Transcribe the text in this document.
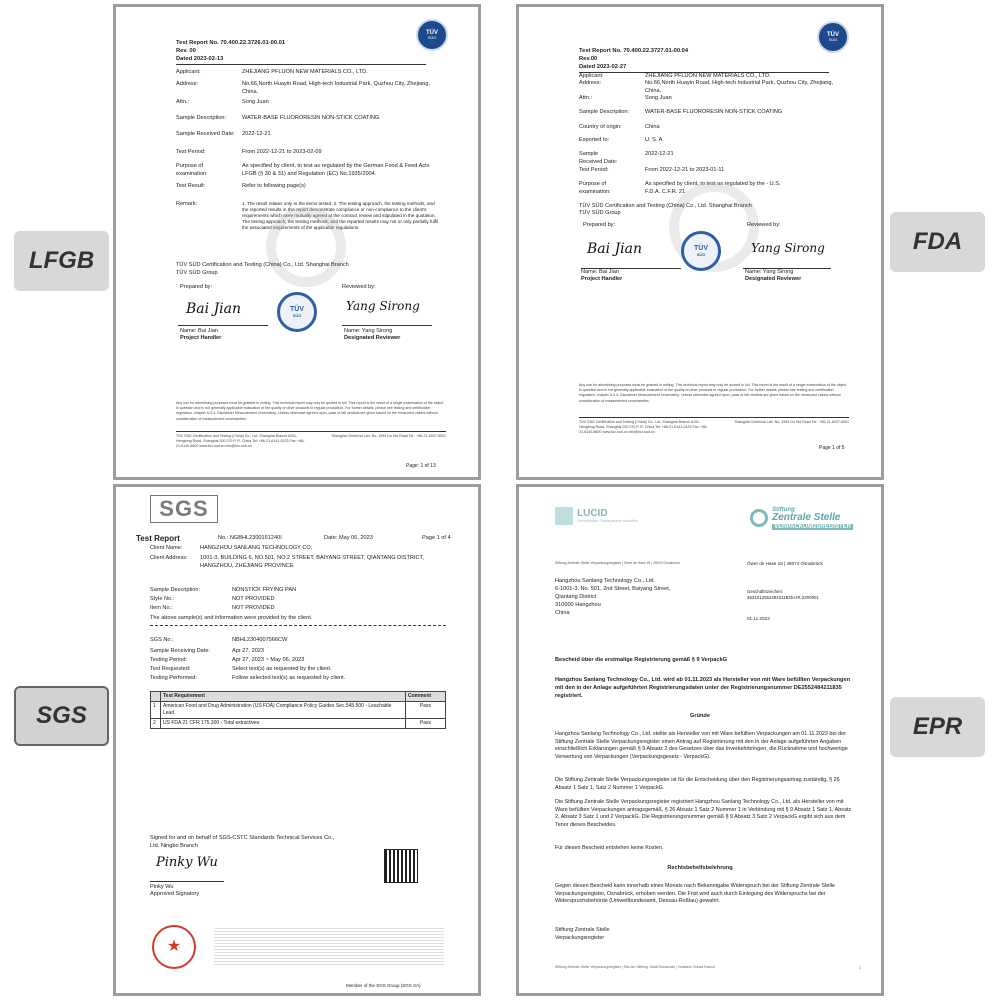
LFGB
FDA
SGS	EPR
TÜV
SÜD
Test Report No. 70.400.22.3726.01-00.01
Rev. 00
Dated 2023-02-13
Applicant:	ZHEJIANG PFLUON NEW MATERIALS CO., LTD.
Address:	No.66,North Huayin Road, High-tech Industrial Park, Quzhou City, Zhejiang, China.
Attn.:	Song Juan
Sample Description:	WATER-BASE FLUORORESIN NON-STICK COATING
Sample Received Date: 2022-12-21
Test Period:	From 2022-12-21 to 2023-02-09
Purpose of examination:
As specified by client, to test as regulated by the German Food & Feed Acts LFGB (§ 30 & 31) and Regulation (EC) No.1935/2004.
Test Result:	Refer to following page(s)
Remark:	1. The result relates only to the items tested. 2. The testing approach, the testing methods, and the reported results in this report demonstrate compliance or non-compliance to the client's requirements which were mutually agreed at the contract review and stipulated in the quotation. The testing approach, the testing methods, and the reported results may not or only partially fulfil the associated requirements of the applicable regulations.
TÜV SÜD Certification and Testing (China) Co., Ltd. Shanghai Branch
TÜV SÜD Group
Prepared by:	Reviewed by:
Bai Jian	TÜV
SÜD
Yang Sirong
Name: Bai Jian
Project Handler
Name: Yang Sirong
Designated Reviewer
Any use for advertising purposes must be granted in writing. This technical report may only be quoted in full. This report is the result of a single examination of the object in question and is not generally applicable evaluation of the quality of other products in regular production. For further details, please see testing and certification regulation, chapter A-3.4. Disclaimer Measurement Uncertainty: Unless otherwise agreed upon, pass or fail verdicts are given based on the measured values without consideration of measurement uncertainties.
TÜV SÜD Certification and Testing (China) Co., Ltd. Shanghai Branch #151, Hengtong Road, Shanghai 200 070 P. R. China Tel: +86-21-6141-0123 Fax: +86-21-6140-8600 www.tuv-sud.cn info@tuv-sud.cn
Shanghai Chemical Lab. No. 1999 Du Hui Road Tel.: +86-21-6037-6501
Page: 1 of 13
TÜV
SÜD
Test Report No. 70.400.22.3727.01-00.04
Rev.00
Dated 2023-02-27
Applicant:	ZHEJIANG PFLUON NEW MATERIALS CO., LTD.
Address:	No.66,North Huayin Road, High-tech Industrial Park, Quzhou City, Zhejiang, China.
Attn.:	Song Juan
Sample Description:	WATER-BASE FLUORORESIN NON-STICK COATING
Country of origin:	China
Exported to:	U. S. A
Sample Received Date:
2022-12-21
Test Period:	From 2022-12-21 to 2023-01-11
Purpose of examination:
As specified by client, to test as regulated by the - U.S. F.D.A. C.F.R. 21
TÜV SÜD Certification and Testing (China) Co., Ltd. Shanghai Branch
TÜV SÜD Group
Prepared by:	Reviewed by:
Bai Jian	TÜV
SÜD	Yang Sirong
Name: Bai Jian
Project Handler
Name: Yang Sirong
Designated Reviewer
Any use for advertising purposes must be granted in writing. This technical report may only be quoted in full. This report is the result of a single examination of the object in question and is not generally applicable evaluation of the quality of other products in regular production. For further details, please see testing and certification regulation, chapter A-3.4. Disclaimer Measurement Uncertainty: Unless otherwise agreed upon, pass or fail verdicts are given based on the measured values without consideration of measurement uncertainties.
TÜV SÜD Certification and Testing (China) Co., Ltd. Shanghai Branch #151, Hengtong Road, Shanghai 200 070 P. R. China Tel: +86-21-6141-0123 Fax: +86-21-6140-8600 www.tuv-sud.cn info@tuv-sud.cn
Shanghai Chemical Lab. No. 1999 Du Hui Road Tel.: +86-21-6037-6501
Page 1 of 5
SGS
Test Report	No.: NGBHL2300161240I	Date: May 06, 2023	Page 1 of 4
Client Name:	HANGZHOU SANLANG TECHNOLOGY CO.
Client Address: 1001-3, BUILDING 6, NO.501, NO.2 STREET, BAIYANG STREET, QIANTANG DISTRICT, HANGZHOU, ZHEJIANG PROVINCE
Sample Description:	NONSTICK FRYING PAN
Style No.:	NOT PROVIDED
Item No.:	NOT PROVIDED
The above sample(s) and information were provided by the client.
SGS No.:	NBHL2304007566CW
Sample Receiving Date:	Apr 27, 2023
Testing Period:	Apr 27, 2023 ~ May 06, 2023
Test Requested:	Select test(s) as requested by the client.
Testing Performed:	Follow selected test(s) as requested by client.
	Test Requirement	Comment
1	American Food and Drug Administration (US FDA) Compliance Policy Guides Sec.545.500 - Leachable Lead	Pass
2	US FDA 21 CFR 175.300 - Total extractives	Pass
Signed for and on behalf of SGS-CSTC Standards Technical Services Co., Ltd. Ningbo Branch
Pinky Wu
Pinky Wu
Approved Signatory
★
Member of the SGS Group (SGS SA)
LUCID
Gemeinsam Transparenz schaffen
Stiftung
Zentrale Stelle
VERPACKUNGSREGISTER
Stiftung Zentrale Stelle Verpackungsregister | Öwer de Hase 18 | 49074 Osnabrück	Öwer de Hase 18 | 49074 Osnabrück
Hangzhou Sanlang Technology Co., Ltd.
6-1001-3, No. 501, 2nd Street, Baiyang Street,
Qiantang District
310000 Hangzhou
China
Geschäftszeichen:
35310125524842118​35.HR.23#0001
01.11.2023
Bescheid über die erstmalige Registrierung gemäß § 9 VerpackG
Hangzhou Sanlang Technology Co., Ltd. wird ab 01.11.2023 als Hersteller von mit Ware befüllten Verpackungen mit den in der Anlage aufgeführten Registrierungsdaten unter der Registrierungsnummer DE2552484211835 registriert.
Gründe
Hangzhou Sanlang Technology Co., Ltd. stellte als Hersteller von mit Ware befüllten Verpackungen am 01.11.2023 bei der Stiftung Zentrale Stelle Verpackungsregister einen Antrag auf Registrierung mit den in der Anlage aufgeführten Angaben einschließlich Erklärungen gemäß § 9 Absatz 2 des Gesetzes über das Inverkehrbringen, die Rücknahme und hochwertige Verwertung von Verpackungen (Verpackungsgesetz - VerpackG).
Die Stiftung Zentrale Stelle Verpackungsregister ist für die Entscheidung über den Registrierungsantrag zuständig, § 26 Absatz 1 Satz 1, Satz 2 Nummer 1 VerpackG.
Die Stiftung Zentrale Stelle Verpackungsregister registriert Hangzhou Sanlang Technology Co., Ltd. als Hersteller von mit Ware befüllten Verpackungen antragsgemäß, § 26 Absatz 1 Satz 2 Nummer 1 in Verbindung mit § 9 Absatz 1 Satz 1, Absatz 2, Absatz 3 Satz 1 und 2 VerpackG. Die Registrierungsnummer gemäß § 9 Absatz 3 Satz 2 VerpackG ergibt sich aus dem Tenor dieses Bescheides.
Für diesen Bescheid entstehen keine Kosten.
Rechtsbehelfsbelehrung
Gegen diesen Bescheid kann innerhalb eines Monats nach Bekanntgabe Widerspruch bei der Stiftung Zentrale Stelle Verpackungsregister, Osnabrück, erhoben werden. Die Frist wird auch durch Einlegung des Widerspruchs bei der Widerspruchsbehörde (Umweltbundesamt, Dessau-Roßlau) gewahrt.
Stiftung Zentrale Stelle Verpackungsregister
Stiftung Zentrale Stelle Verpackungsregister | Sitz der Stiftung: Stadt Osnabrück | Vorstand: Gunda Rachut	1
